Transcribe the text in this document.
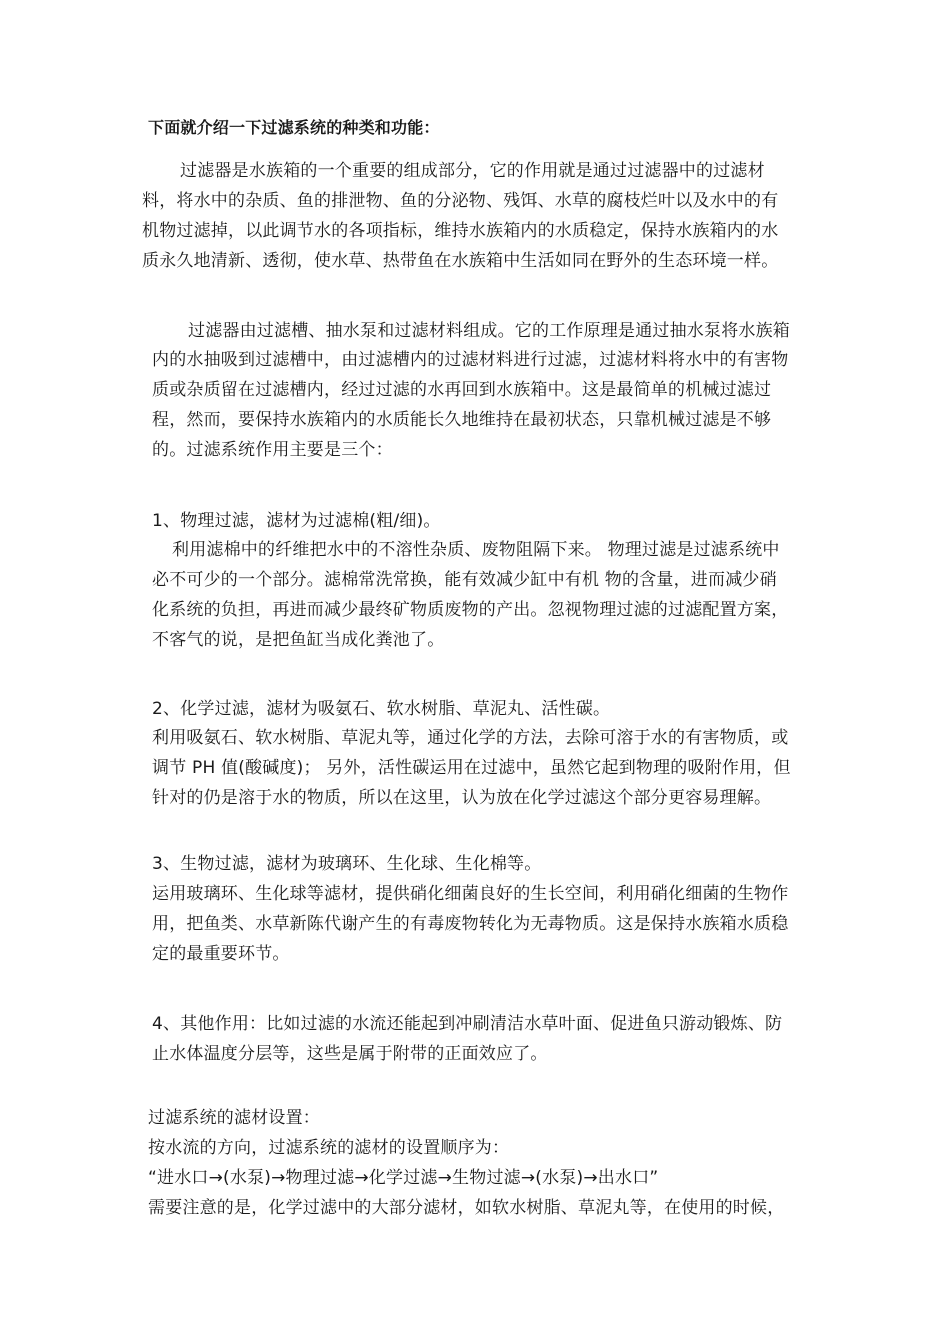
下面就介绍一下过滤系统的种类和功能：
过滤器是水族箱的一个重要的组成部分，它的作用就是通过过滤器中的过滤材
料，将水中的杂质、鱼的排泄物、鱼的分泌物、残饵、水草的腐枝烂叶以及水中的有
机物过滤掉，以此调节水的各项指标，维持水族箱内的水质稳定，保持水族箱内的水
质永久地清新、透彻，使水草、热带鱼在水族箱中生活如同在野外的生态环境一样。
过滤器由过滤槽、抽水泵和过滤材料组成。它的工作原理是通过抽水泵将水族箱
内的水抽吸到过滤槽中，由过滤槽内的过滤材料进行过滤，过滤材料将水中的有害物
质或杂质留在过滤槽内，经过过滤的水再回到水族箱中。这是最简单的机械过滤过
程，然而，要保持水族箱内的水质能长久地维持在最初状态，只靠机械过滤是不够
的。过滤系统作用主要是三个：
1、物理过滤，滤材为过滤棉(粗/细)。
利用滤棉中的纤维把水中的不溶性杂质、废物阻隔下来。 物理过滤是过滤系统中
必不可少的一个部分。滤棉常洗常换，能有效减少缸中有机 物的含量，进而减少硝
化系统的负担，再进而减少最终矿物质废物的产出。忽视物理过滤的过滤配置方案，
不客气的说，是把鱼缸当成化粪池了。
2、化学过滤，滤材为吸氨石、软水树脂、草泥丸、活性碳。
利用吸氨石、软水树脂、草泥丸等，通过化学的方法，去除可溶于水的有害物质，或
调节 PH 值(酸碱度)； 另外，活性碳运用在过滤中，虽然它起到物理的吸附作用，但
针对的仍是溶于水的物质，所以在这里，认为放在化学过滤这个部分更容易理解。
3、生物过滤，滤材为玻璃环、生化球、生化棉等。
运用玻璃环、生化球等滤材，提供硝化细菌良好的生长空间，利用硝化细菌的生物作
用，把鱼类、水草新陈代谢产生的有毒废物转化为无毒物质。这是保持水族箱水质稳
定的最重要环节。
4、其他作用：比如过滤的水流还能起到冲刷清洁水草叶面、促进鱼只游动锻炼、防
止水体温度分层等，这些是属于附带的正面效应了。
过滤系统的滤材设置：
按水流的方向，过滤系统的滤材的设置顺序为：
“进水口→(水泵)→物理过滤→化学过滤→生物过滤→(水泵)→出水口”
需要注意的是，化学过滤中的大部分滤材，如软水树脂、草泥丸等，在使用的时候，
